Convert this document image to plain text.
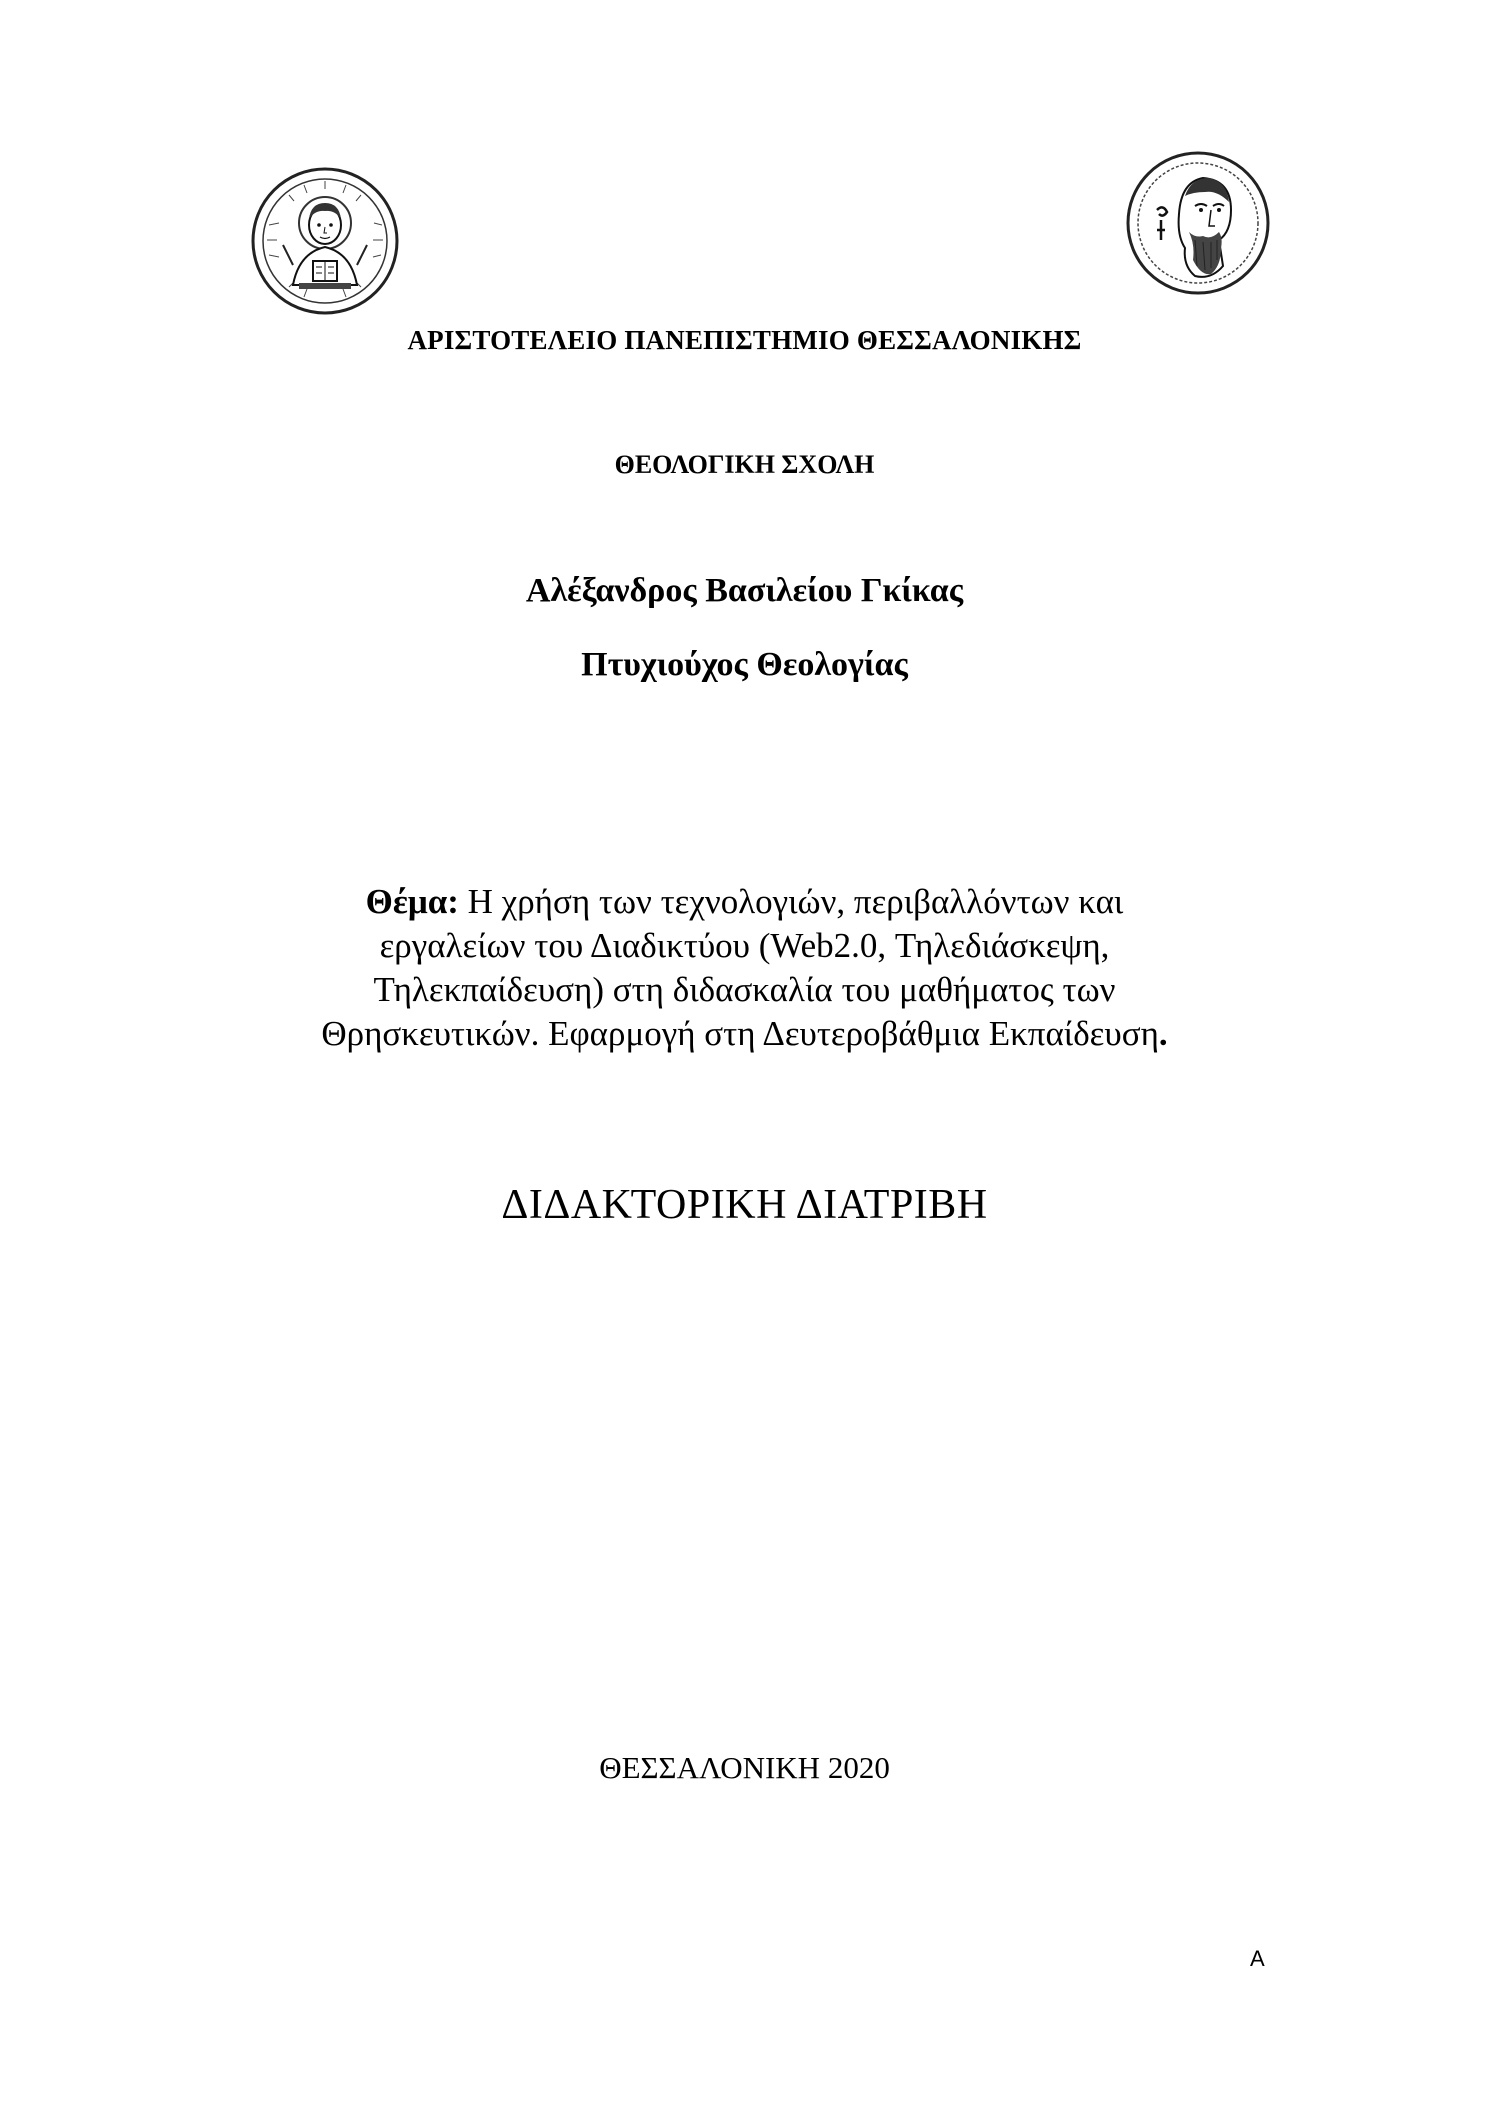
ΑΡΙΣΤΟΤΕΛΕΙΟ ΠΑΝΕΠΙΣΤΗΜΙΟ ΘΕΣΣΑΛΟΝΙΚΗΣ
ΘΕΟΛΟΓΙΚΗ ΣΧΟΛΗ
Αλέξανδρος Βασιλείου Γκίκας
Πτυχιούχος Θεολογίας
Θέμα: Η χρήση των τεχνολογιών, περιβαλλόντων και
εργαλείων του Διαδικτύου (Web2.0, Τηλεδιάσκεψη,
Τηλεκπαίδευση) στη διδασκαλία του μαθήματος των
Θρησκευτικών. Εφαρμογή στη Δευτεροβάθμια Εκπαίδευση.
ΔΙΔΑΚΤΟΡΙΚΗ ΔΙΑΤΡΙΒΗ
ΘΕΣΣΑΛΟΝΙΚΗ 2020
Α
